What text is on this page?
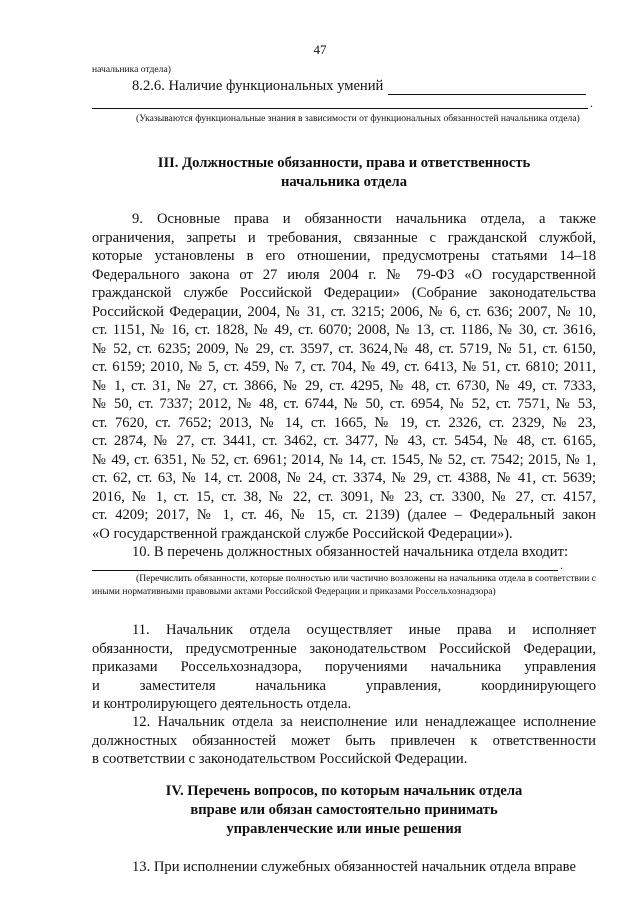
47
начальника отдела)
8.2.6. Наличие функциональных умений
.
(Указываются функциональные знания в зависимости от функциональных обязанностей начальника отдела)
III. Должностные обязанности, права и ответственность
начальника отдела
9. Основные права и обязанности начальника отдела, а также
ограничения, запреты и требования, связанные с гражданской службой,
которые установлены в его отношении, предусмотрены статьями 14–18
Федерального закона от 27 июля 2004 г. № 79-ФЗ «О государственной
гражданской службе Российской Федерации» (Собрание законодательства
Российской Федерации, 2004, № 31, ст. 3215; 2006, № 6, ст. 636; 2007, № 10,
ст. 1151, № 16, ст. 1828, № 49, ст. 6070; 2008, № 13, ст. 1186, № 30, ст. 3616,
№ 52, ст. 6235; 2009, № 29, ст. 3597, ст. 3624,№ 48, ст. 5719, № 51, ст. 6150,
ст. 6159; 2010, № 5, ст. 459, № 7, ст. 704, № 49, ст. 6413, № 51, ст. 6810; 2011,
№ 1, ст. 31, № 27, ст. 3866, № 29, ст. 4295, № 48, ст. 6730, № 49, ст. 7333,
№ 50, ст. 7337; 2012, № 48, ст. 6744, № 50, ст. 6954, № 52, ст. 7571, № 53,
ст. 7620, ст. 7652; 2013, № 14, ст. 1665, № 19, ст. 2326, ст. 2329, № 23,
ст. 2874, № 27, ст. 3441, ст. 3462, ст. 3477, № 43, ст. 5454, № 48, ст. 6165,
№ 49, ст. 6351, № 52, ст. 6961; 2014, № 14, ст. 1545, № 52, ст. 7542; 2015, № 1,
ст. 62, ст. 63, № 14, ст. 2008, № 24, ст. 3374, № 29, ст. 4388, № 41, ст. 5639;
2016, № 1, ст. 15, ст. 38, № 22, ст. 3091, № 23, ст. 3300, № 27, ст. 4157,
ст. 4209; 2017, № 1, ст. 46, № 15, ст. 2139) (далее – Федеральный закон
«О государственной гражданской службе Российской Федерации»).
10. В перечень должностных обязанностей начальника отдела входит:
.
(Перечислить обязанности, которые полностью или частично возложены на начальника отдела в соответствии с иными нормативными правовыми актами Российской Федерации и приказами Россельхознадзора)
11. Начальник отдела осуществляет иные права и исполняет
обязанности, предусмотренные законодательством Российской Федерации,
приказами Россельхознадзора, поручениями начальника управления
и заместителя начальника управления, координирующего
и контролирующего деятельность отдела.
12. Начальник отдела за неисполнение или ненадлежащее исполнение
должностных обязанностей может быть привлечен к ответственности
в соответствии с законодательством Российской Федерации.
IV. Перечень вопросов, по которым начальник отдела
вправе или обязан самостоятельно принимать
управленческие или иные решения
13. При исполнении служебных обязанностей начальник отдела вправе
